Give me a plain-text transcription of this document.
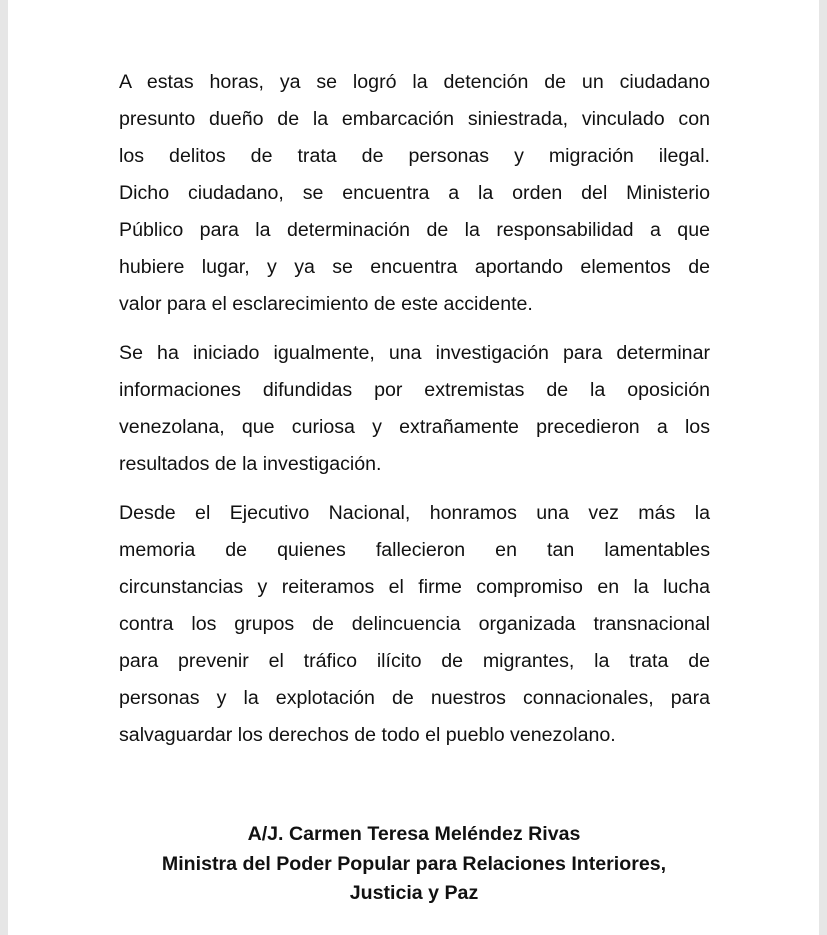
A estas horas, ya se logró la detención de un ciudadano
presunto dueño de la embarcación siniestrada, vinculado con
los delitos de trata de personas y migración ilegal.
Dicho ciudadano, se encuentra a la orden del Ministerio
Público para la determinación de la responsabilidad a que
hubiere lugar, y ya se encuentra aportando elementos de
valor para el esclarecimiento de este accidente.
Se ha iniciado igualmente, una investigación para determinar
informaciones difundidas por extremistas de la oposición
venezolana, que curiosa y extrañamente precedieron a los
resultados de la investigación.
Desde el Ejecutivo Nacional, honramos una vez más la
memoria de quienes fallecieron en tan lamentables
circunstancias y reiteramos el firme compromiso en la lucha
contra los grupos de delincuencia organizada transnacional
para prevenir el tráfico ilícito de migrantes, la trata de
personas y la explotación de nuestros connacionales, para
salvaguardar los derechos de todo el pueblo venezolano.
A/J. Carmen Teresa Meléndez Rivas
Ministra del Poder Popular para Relaciones Interiores,
Justicia y Paz
